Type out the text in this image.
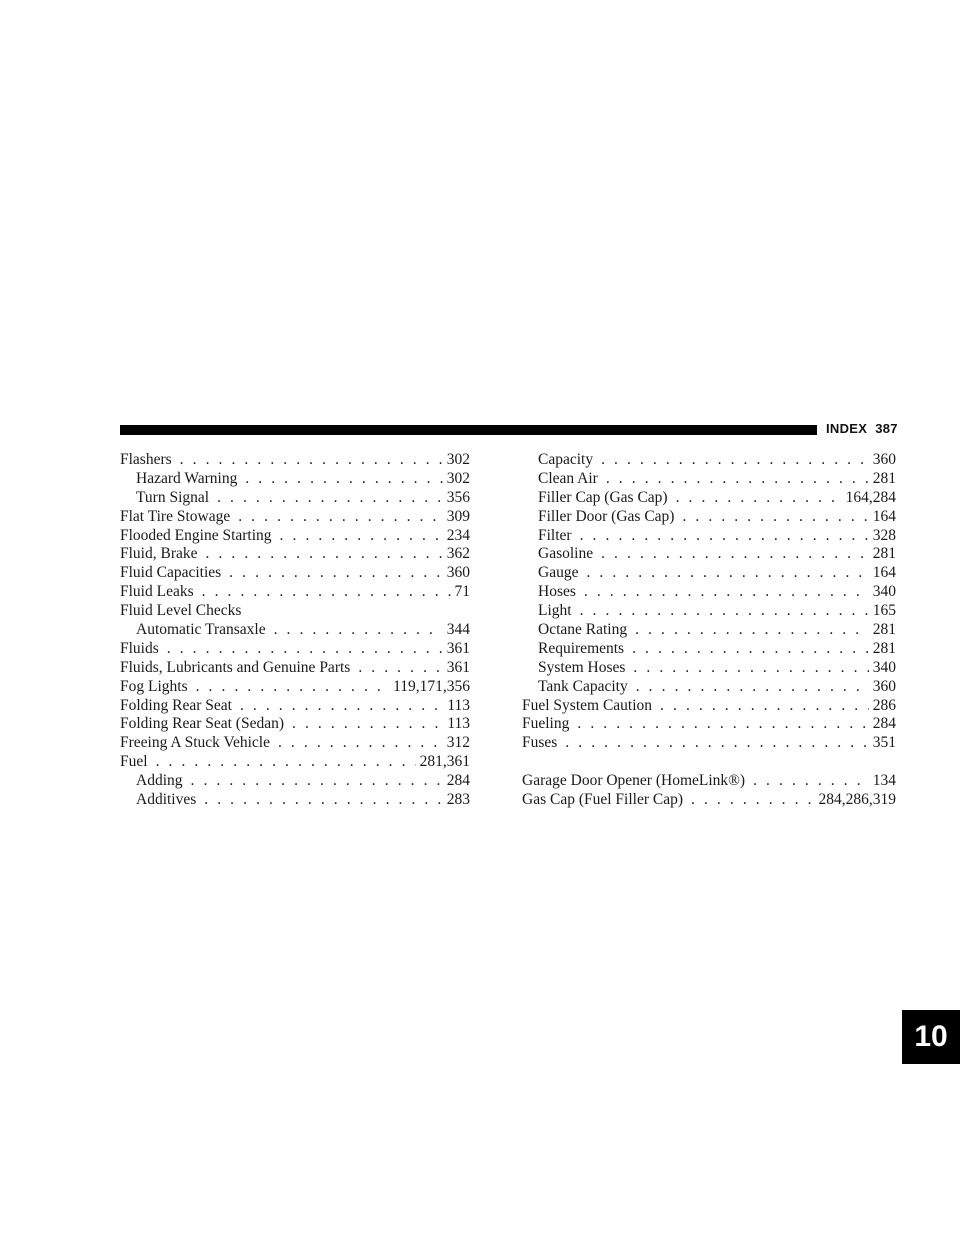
INDEX 387
Flashers . . .	302
Hazard Warning . . .	302
Turn Signal . . .	356
Flat Tire Stowage . . .	309
Flooded Engine Starting . . .	234
Fluid, Brake . . .	362
Fluid Capacities . . .	360
Fluid Leaks . . .	71
Fluid Level Checks
Automatic Transaxle . . .	344
Fluids . . .	361
Fluids, Lubricants and Genuine Parts . . .	361
Fog Lights . . .	119,171,356
Folding Rear Seat . . .	113
Folding Rear Seat (Sedan) . . .	113
Freeing A Stuck Vehicle . . .	312
Fuel . . .	281,361
Adding . . .	284
Additives . . .	283
Capacity . . .	360
Clean Air . . .	281
Filler Cap (Gas Cap) . . .	164,284
Filler Door (Gas Cap) . . .	164
Filter . . .	328
Gasoline . . .	281
Gauge . . .	164
Hoses . . .	340
Light . . .	165
Octane Rating . . .	281
Requirements . . .	281
System Hoses . . .	340
Tank Capacity . . .	360
Fuel System Caution . . .	286
Fueling . . .	284
Fuses . . .	351
Garage Door Opener (HomeLink®) . . .	134
Gas Cap (Fuel Filler Cap) . . .	284,286,319
10
